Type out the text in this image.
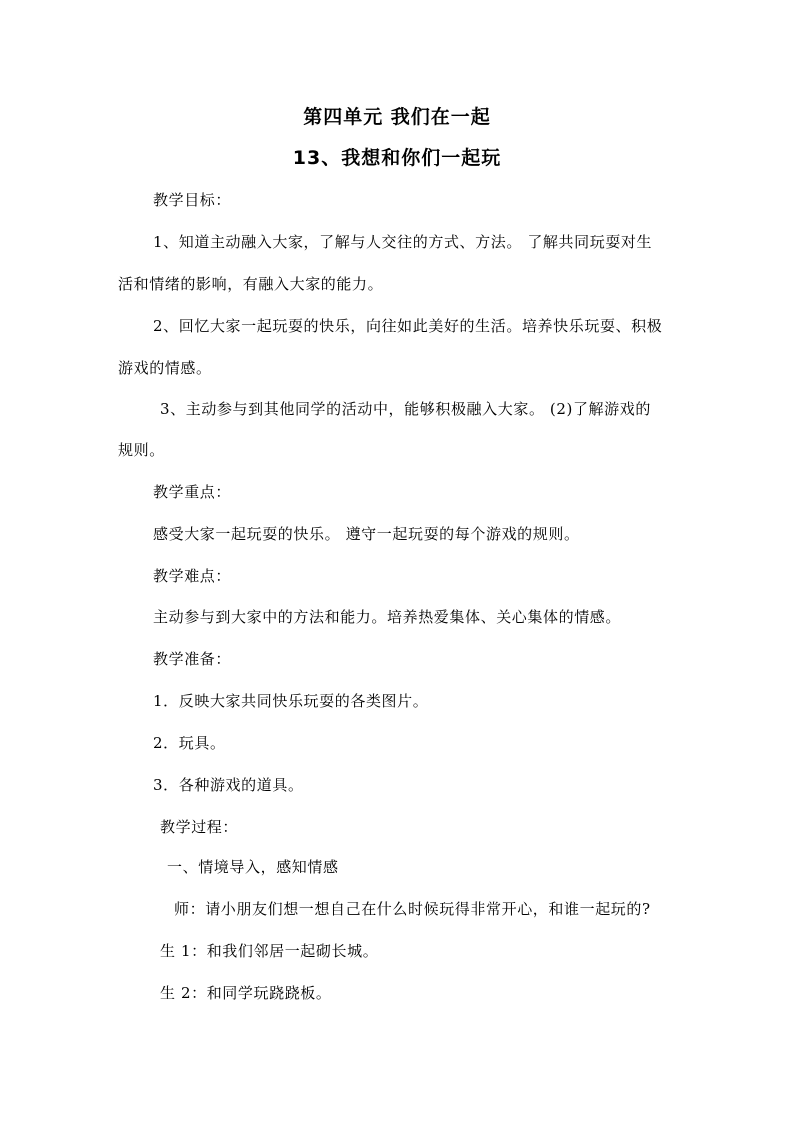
第四单元 我们在一起
13、我想和你们一起玩
教学目标：
1、知道主动融入大家，了解与人交往的方式、方法。 了解共同玩耍对生
活和情绪的影响，有融入大家的能力。
2、回忆大家一起玩耍的快乐，向往如此美好的生活。培养快乐玩耍、积极
游戏的情感。
3、主动参与到其他同学的活动中，能够积极融入大家。 (2)了解游戏的
规则。
教学重点：
感受大家一起玩耍的快乐。 遵守一起玩耍的每个游戏的规则。
教学难点：
主动参与到大家中的方法和能力。培养热爱集体、关心集体的情感。
教学准备：
1．反映大家共同快乐玩耍的各类图片。
2．玩具。
3．各种游戏的道具。
教学过程：
一、情境导入，感知情感
师：请小朋友们想一想自己在什么时候玩得非常开心，和谁一起玩的?
生 1：和我们邻居一起砌长城。
生 2：和同学玩跷跷板。
